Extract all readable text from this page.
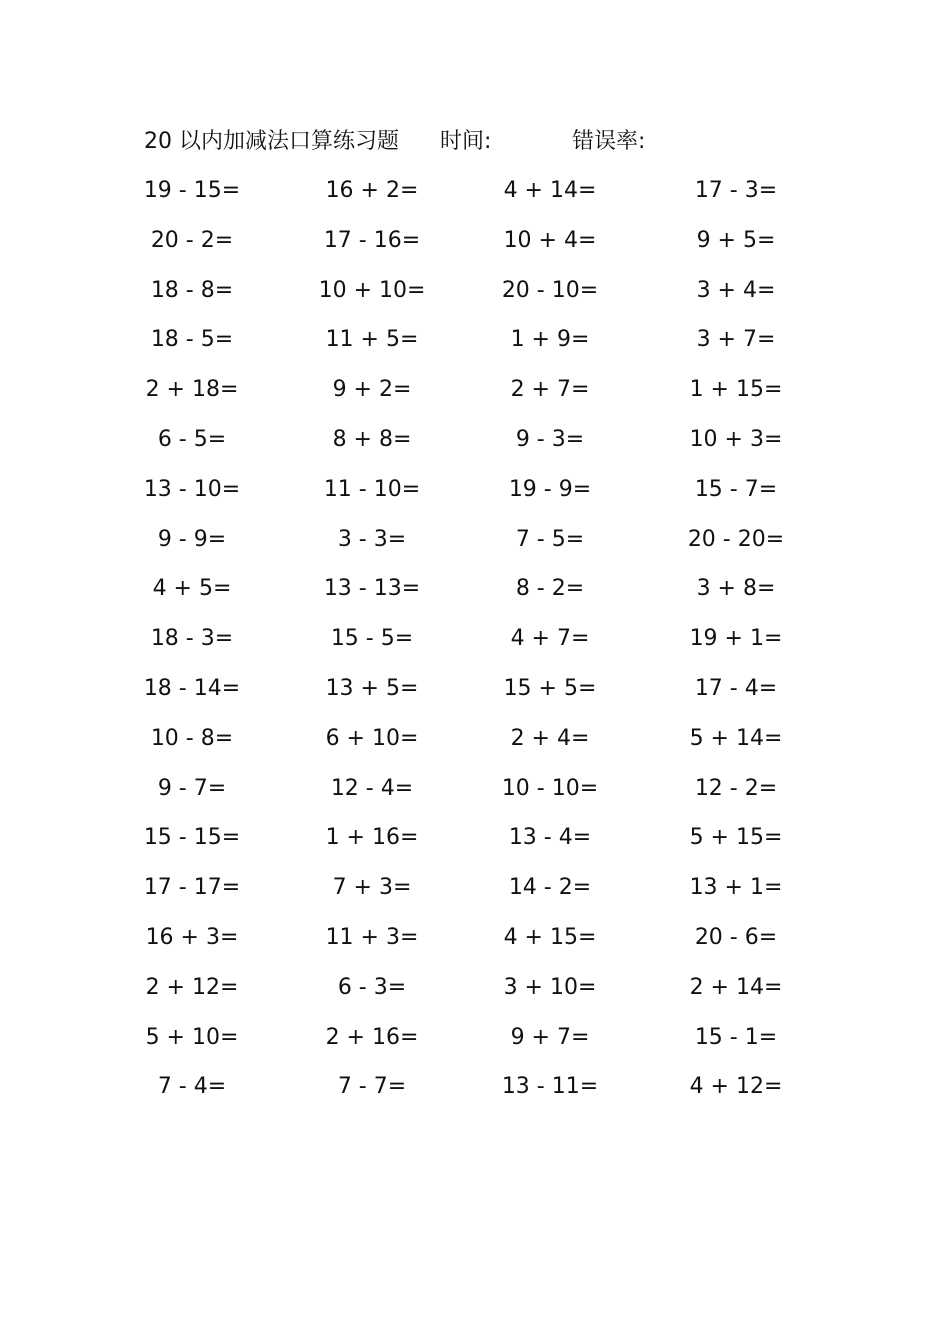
20 以内加减法口算练习题 时间:	错误率:
19 - 15=	16 + 2=	4 + 14=	17 - 3=
20 - 2=	17 - 16=	10 + 4=	9 + 5=
18 - 8=	10 + 10=	20 - 10=	3 + 4=
18 - 5=	11 + 5=	1 + 9=	3 + 7=
2 + 18=	9 + 2=	2 + 7=	1 + 15=
6 - 5=	8 + 8=	9 - 3=	10 + 3=
13 - 10=	11 - 10=	19 - 9=	15 - 7=
9 - 9=	3 - 3=	7 - 5=	20 - 20=
4 + 5=	13 - 13=	8 - 2=	3 + 8=
18 - 3=	15 - 5=	4 + 7=	19 + 1=
18 - 14=	13 + 5=	15 + 5=	17 - 4=
10 - 8=	6 + 10=	2 + 4=	5 + 14=
9 - 7=	12 - 4=	10 - 10=	12 - 2=
15 - 15=	1 + 16=	13 - 4=	5 + 15=
17 - 17=	7 + 3=	14 - 2=	13 + 1=
16 + 3=	11 + 3=	4 + 15=	20 - 6=
2 + 12=	6 - 3=	3 + 10=	2 + 14=
5 + 10=	2 + 16=	9 + 7=	15 - 1=
7 - 4=	7 - 7=	13 - 11=	4 + 12=
